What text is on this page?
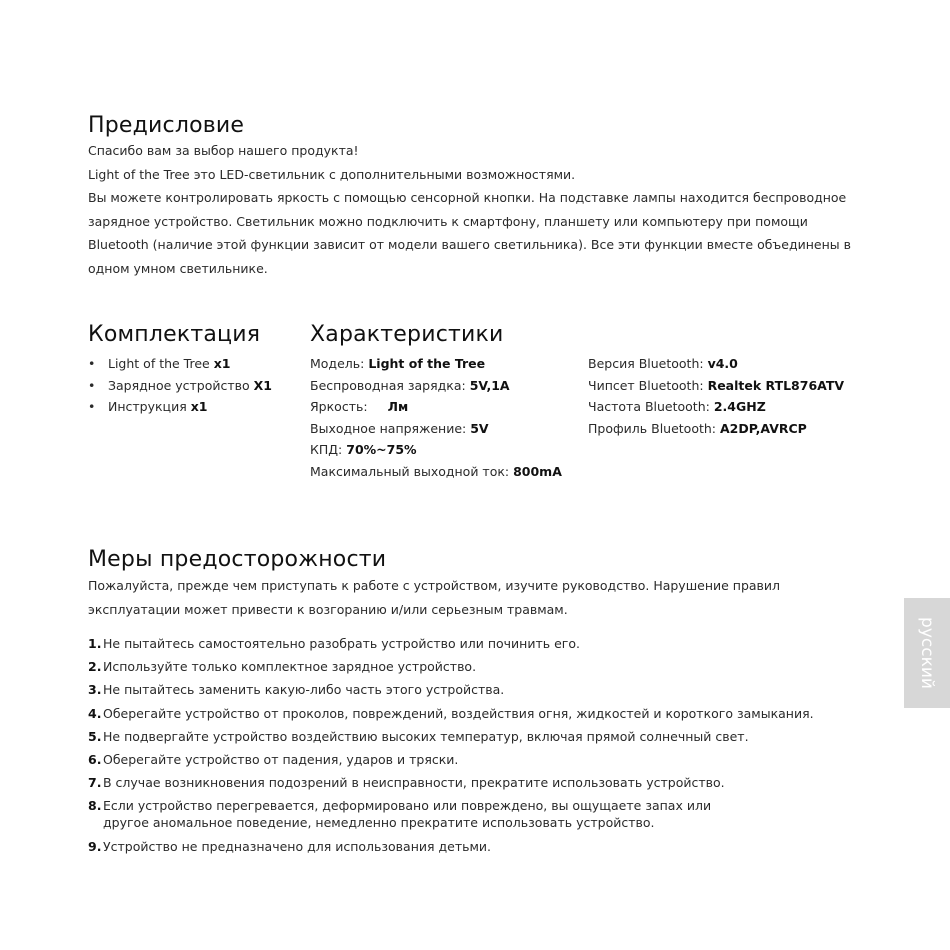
Предисловие
Спасибо вам за выбор нашего продукта!
Light of the Tree это LED-светильник с дополнительными возможностями.
Вы можете контролировать яркость с помощью сенсорной кнопки. На подставке лампы находится беспроводное
зарядное устройство. Светильник можно подключить к смартфону, планшету или компьютеру при помощи
Bluetooth (наличие этой функции зависит от модели вашего светильника). Все эти функции вместе объединены в
одном умном светильнике.
Комплектация
• Light of the Tree x1
• Зарядное устройство X1
• Инструкция x1
Характеристики
Модель: Light of the Tree
Беспроводная зарядка: 5V,1A
Яркость: Лм
Выходное напряжение: 5V
КПД: 70%~75%
Максимальный выходной ток: 800mA
Версия Bluetooth: v4.0
Чипсет Bluetooth: Realtek RTL876ATV
Частота Bluetooth: 2.4GHZ
Профиль Bluetooth: A2DP,AVRCP
Меры предосторожности
Пожалуйста, прежде чем приступать к работе с устройством, изучите руководство. Нарушение правил
эксплуатации может привести к возгоранию и/или серьезным травмам.
1. Не пытайтесь самостоятельно разобрать устройство или починить его.
2. Используйте только комплектное зарядное устройство.
3. Не пытайтесь заменить какую-либо часть этого устройства.
4. Оберегайте устройство от проколов, повреждений, воздействия огня, жидкостей и короткого замыкания.
5. Не подвергайте устройство воздействию высоких температур, включая прямой солнечный свет.
6. Оберегайте устройство от падения, ударов и тряски.
7. В случае возникновения подозрений в неисправности, прекратите использовать устройство.
8. Если устройство перегревается, деформировано или повреждено, вы ощущаете запах или
другое аномальное поведение, немедленно прекратите использовать устройство.
9. Устройство не предназначено для использования детьми.
русский
